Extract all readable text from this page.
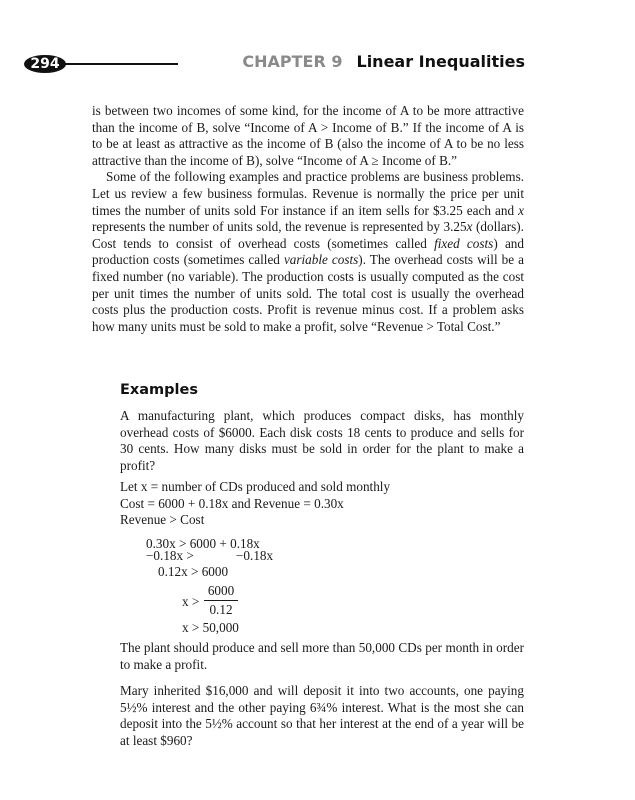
294	CHAPTER 9 Linear Inequalities

is between two incomes of some kind, for the income of A to be more attractive than the income of B, solve “Income of A > Income of B.” If the income of A is to be at least as attractive as the income of B (also the income of A to be no less attractive than the income of B), solve “Income of A ≥ Income of B.”

Some of the following examples and practice problems are business problems. Let us review a few business formulas. Revenue is normally the price per unit times the number of units sold For instance if an item sells for $3.25 each and x represents the number of units sold, the revenue is represented by 3.25x (dollars). Cost tends to consist of overhead costs (sometimes called fixed costs) and production costs (sometimes called variable costs). The overhead costs will be a fixed number (no variable). The production costs is usually computed as the cost per unit times the number of units sold. The total cost is usually the overhead costs plus the production costs. Profit is revenue minus cost. If a problem asks how many units must be sold to make a profit, solve “Revenue > Total Cost.”

Examples

A manufacturing plant, which produces compact disks, has monthly overhead costs of $6000. Each disk costs 18 cents to produce and sells for 30 cents. How many disks must be sold in order for the plant to make a profit?

Let x = number of CDs produced and sold monthly

Cost = 6000 + 0.18x and Revenue = 0.30x

Revenue > Cost

0.30x > 6000 + 0.18x
−0.18x >	−0.18x
0.12x > 6000
x >
6000
0.12
x > 50,000

The plant should produce and sell more than 50,000 CDs per month in order to make a profit.

Mary inherited $16,000 and will deposit it into two accounts, one paying 5½% interest and the other paying 6¾% interest. What is the most she can deposit into the 5½% account so that her interest at the end of a year will be at least $960?
